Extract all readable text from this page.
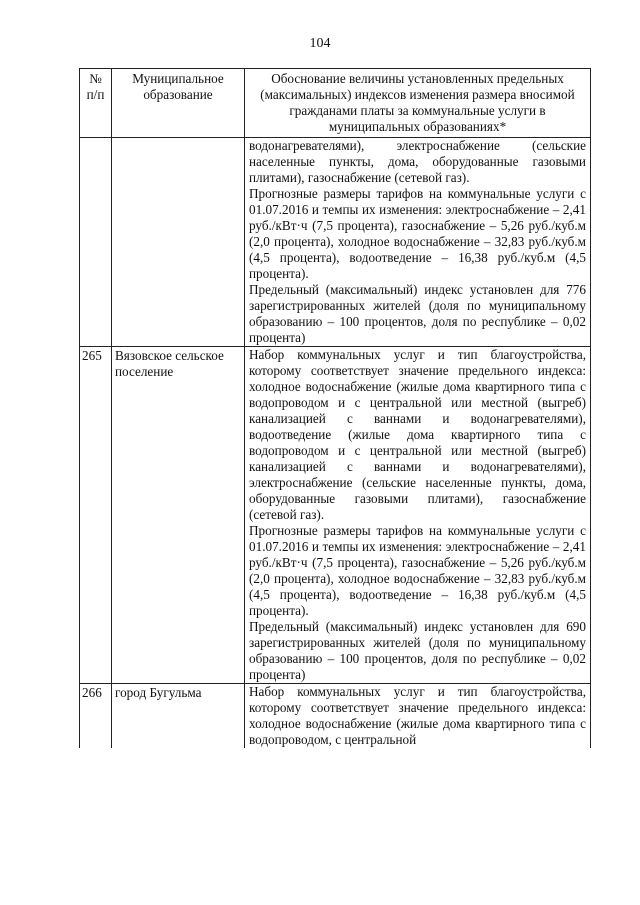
104
№ п/п	Муниципальное образование	Обоснование величины установленных предельных (максимальных) индексов изменения размера вносимой гражданами платы за коммунальные услуги в муниципальных образованиях*

		водонагревателями), электроснабжение (сельские населенные пункты, дома, оборудованные газовыми плитами), газоснабжение (сетевой газ).

Прогнозные размеры тарифов на коммунальные услуги с 01.07.2016 и темпы их изменения: электроснабжение – 2,41 руб./кВт·ч (7,5 процента), газоснабжение – 5,26 руб./куб.м (2,0 процента), холодное водоснабжение – 32,83 руб./куб.м (4,5 процента), водоотведение – 16,38 руб./куб.м (4,5 процента).

Предельный (максимальный) индекс установлен для 776 зарегистрированных жителей (доля по муниципальному образованию – 100 процентов, доля по республике – 0,02 процента)

265	Вязовское сельское поселение	Набор коммунальных услуг и тип благоустройства, которому соответствует значение предельного индекса: холодное водоснабжение (жилые дома квартирного типа с водопроводом и с центральной или местной (выгреб) канализацией с ваннами и водонагревателями), водоотведение (жилые дома квартирного типа с водопроводом и с центральной или местной (выгреб) канализацией с ваннами и водонагревателями), электроснабжение (сельские населенные пункты, дома, оборудованные газовыми плитами), газоснабжение (сетевой газ).

Прогнозные размеры тарифов на коммунальные услуги с 01.07.2016 и темпы их изменения: электроснабжение – 2,41 руб./кВт·ч (7,5 процента), газоснабжение – 5,26 руб./куб.м (2,0 процента), холодное водоснабжение – 32,83 руб./куб.м (4,5 процента), водоотведение – 16,38 руб./куб.м (4,5 процента).

Предельный (максимальный) индекс установлен для 690 зарегистрированных жителей (доля по муниципальному образованию – 100 процентов, доля по республике – 0,02 процента)

266	город Бугульма	Набор коммунальных услуг и тип благоустройства, которому соответствует значение предельного индекса: холодное водоснабжение (жилые дома квартирного типа с водопроводом, с центральной
